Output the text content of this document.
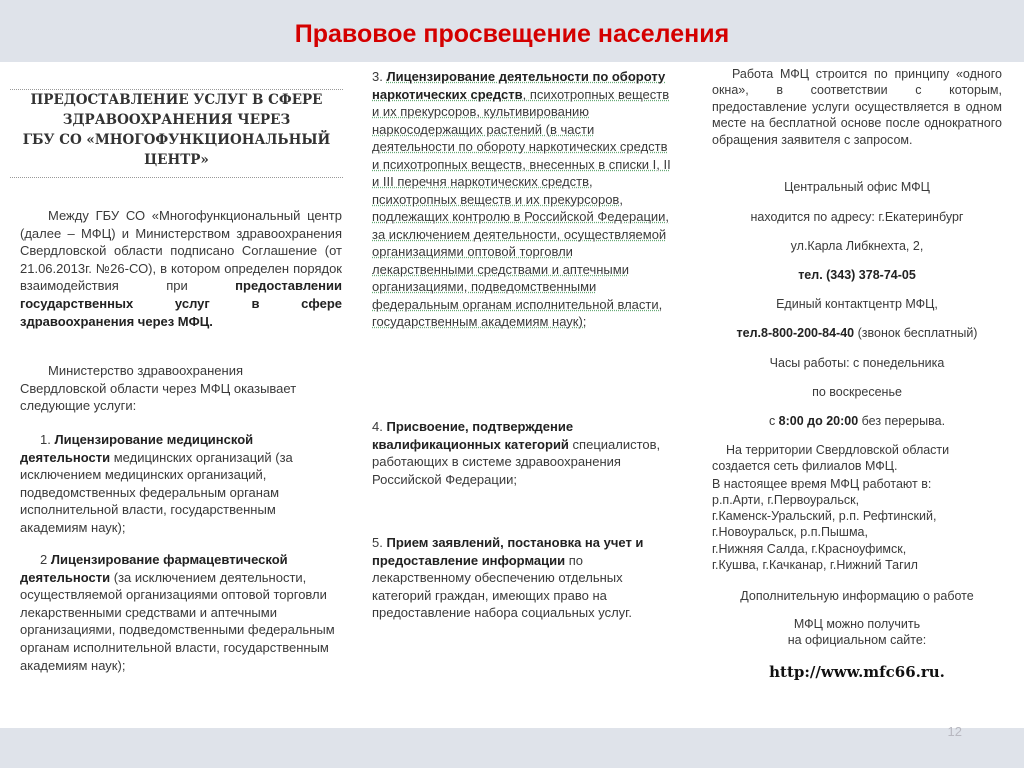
Правовое просвещение населения
ПРЕДОСТАВЛЕНИЕ УСЛУГ В СФЕРЕ
ЗДРАВООХРАНЕНИЯ ЧЕРЕЗ
ГБУ СО «МНОГОФУНКЦИОНАЛЬНЫЙ
ЦЕНТР»
Между ГБУ СО «Многофункциональный центр (далее – МФЦ) и Министерством здравоохранения Свердловской области подписано Соглашение (от 21.06.2013г. №26-СО), в котором определен порядок взаимодействия при предоставлении государственных услуг в сфере здравоохранения через МФЦ.
Министерство здравоохранения Свердловской области через МФЦ оказывает следующие услуги:
1. Лицензирование медицинской деятельности медицинских организаций (за исключением медицинских организаций, подведомственных федеральным органам исполнительной власти, государственным академиям наук);
2 Лицензирование фармацевтической деятельности (за исключением деятельности, осуществляемой организациями оптовой торговли лекарственными средствами и аптечными организациями, подведомственными федеральным органам исполнительной власти, государственным академиям наук);
3. Лицензирование деятельности по обороту наркотических средств, психотропных веществ и их прекурсоров, культивированию наркосодержащих растений (в части деятельности по обороту наркотических средств и психотропных веществ, внесенных в списки I, II и III перечня наркотических средств, психотропных веществ и их прекурсоров, подлежащих контролю в Российской Федерации, за исключением деятельности, осуществляемой организациями оптовой торговли лекарственными средствами и аптечными организациями, подведомственными федеральным органам исполнительной власти, государственным академиям наук);
4. Присвоение, подтверждение квалификационных категорий специалистов, работающих в системе здравоохранения Российской Федерации;
5. Прием заявлений, постановка на учет и предоставление информации по лекарственному обеспечению отдельных категорий граждан, имеющих право на предоставление набора социальных услуг.
Работа МФЦ строится по принципу «одного окна», в соответствии с которым, предоставление услуги осуществляется в одном месте на бесплатной основе после однократного обращения заявителя с запросом.
Центральный офис МФЦ
находится по адресу: г.Екатеринбург
ул.Карла Либкнехта, 2,
тел. (343) 378-74-05
Единый контактцентр МФЦ,
тел.8-800-200-84-40 (звонок бесплатный)
Часы работы: с понедельника
по воскресенье
с 8:00 до 20:00 без перерыва.
На территории Свердловской области создается сеть филиалов МФЦ.
В настоящее время МФЦ работают в:
р.п.Арти, г.Первоуральск,
г.Каменск-Уральский, р.п. Рефтинский,
г.Новоуральск, р.п.Пышма,
г.Нижняя Салда, г.Красноуфимск,
г.Кушва, г.Качканар, г.Нижний Тагил
Дополнительную информацию о работе
МФЦ можно получить
на официальном сайте:
http://www.mfc66.ru.
12
